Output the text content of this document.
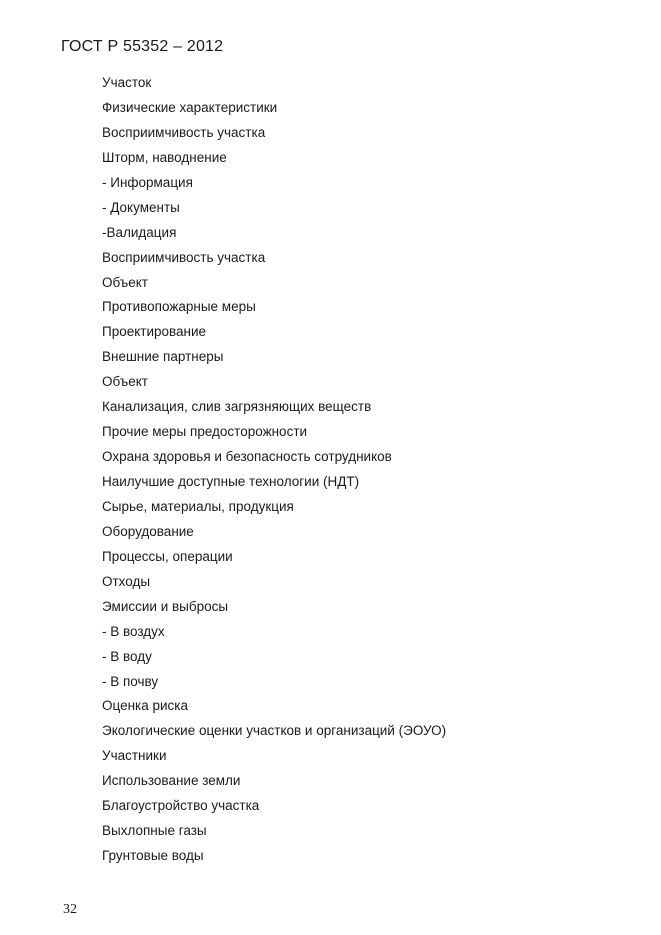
ГОСТ Р 55352 – 2012
Участок
Физические характеристики
Восприимчивость участка
Шторм, наводнение
- Информация
- Документы
-Валидация
Восприимчивость участка
Объект
Противопожарные меры
Проектирование
Внешние партнеры
Объект
Канализация, слив загрязняющих веществ
Прочие меры предосторожности
Охрана здоровья и безопасность сотрудников
Наилучшие доступные технологии (НДТ)
Сырье, материалы, продукция
Оборудование
Процессы, операции
Отходы
Эмиссии и выбросы
- В воздух
- В воду
- В почву
Оценка риска
Экологические оценки участков и организаций (ЭОУО)
Участники
Использование земли
Благоустройство участка
Выхлопные газы
Грунтовые воды
32
